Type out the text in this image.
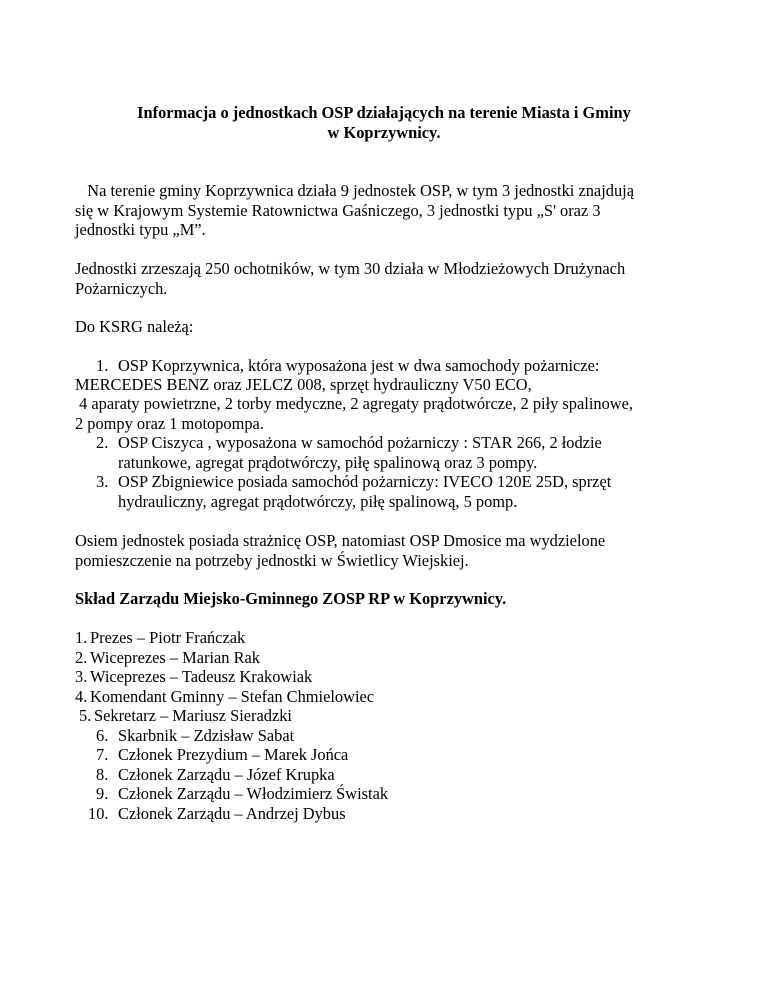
Informacja o jednostkach OSP działających na terenie Miasta i Gminy
w Koprzywnicy.
Na terenie gminy Koprzywnica działa 9 jednostek OSP, w tym 3 jednostki znajdują
się w Krajowym Systemie Ratownictwa Gaśniczego, 3 jednostki typu „S' oraz 3
jednostki typu „M”.
Jednostki zrzeszają 250 ochotników, w tym 30 działa w Młodzieżowych Drużynach
Pożarniczych.
Do KSRG należą:
1. OSP Koprzywnica, która wyposażona jest w dwa samochody pożarnicze:
MERCEDES BENZ oraz JELCZ 008, sprzęt hydrauliczny V50 ECO,
4 aparaty powietrzne, 2 torby medyczne, 2 agregaty prądotwórcze, 2 piły spalinowe,
2 pompy oraz 1 motopompa.
2. OSP Ciszyca , wyposażona w samochód pożarniczy : STAR 266, 2 łodzie
ratunkowe, agregat prądotwórczy, piłę spalinową oraz 3 pompy.
3. OSP Zbigniewice posiada samochód pożarniczy: IVECO 120E 25D, sprzęt
hydrauliczny, agregat prądotwórczy, piłę spalinową, 5 pomp.
Osiem jednostek posiada strażnicę OSP, natomiast OSP Dmosice ma wydzielone
pomieszczenie na potrzeby jednostki w Świetlicy Wiejskiej.
Skład Zarządu Miejsko-Gminnego ZOSP RP w Koprzywnicy.
1. Prezes – Piotr Frańczak
2. Wiceprezes – Marian Rak
3. Wiceprezes – Tadeusz Krakowiak
4. Komendant Gminny – Stefan Chmielowiec
5. Sekretarz – Mariusz Sieradzki
6. Skarbnik – Zdzisław Sabat
7. Członek Prezydium – Marek Jońca
8. Członek Zarządu – Józef Krupka
9. Członek Zarządu – Włodzimierz Świstak
10. Członek Zarządu – Andrzej Dybus
